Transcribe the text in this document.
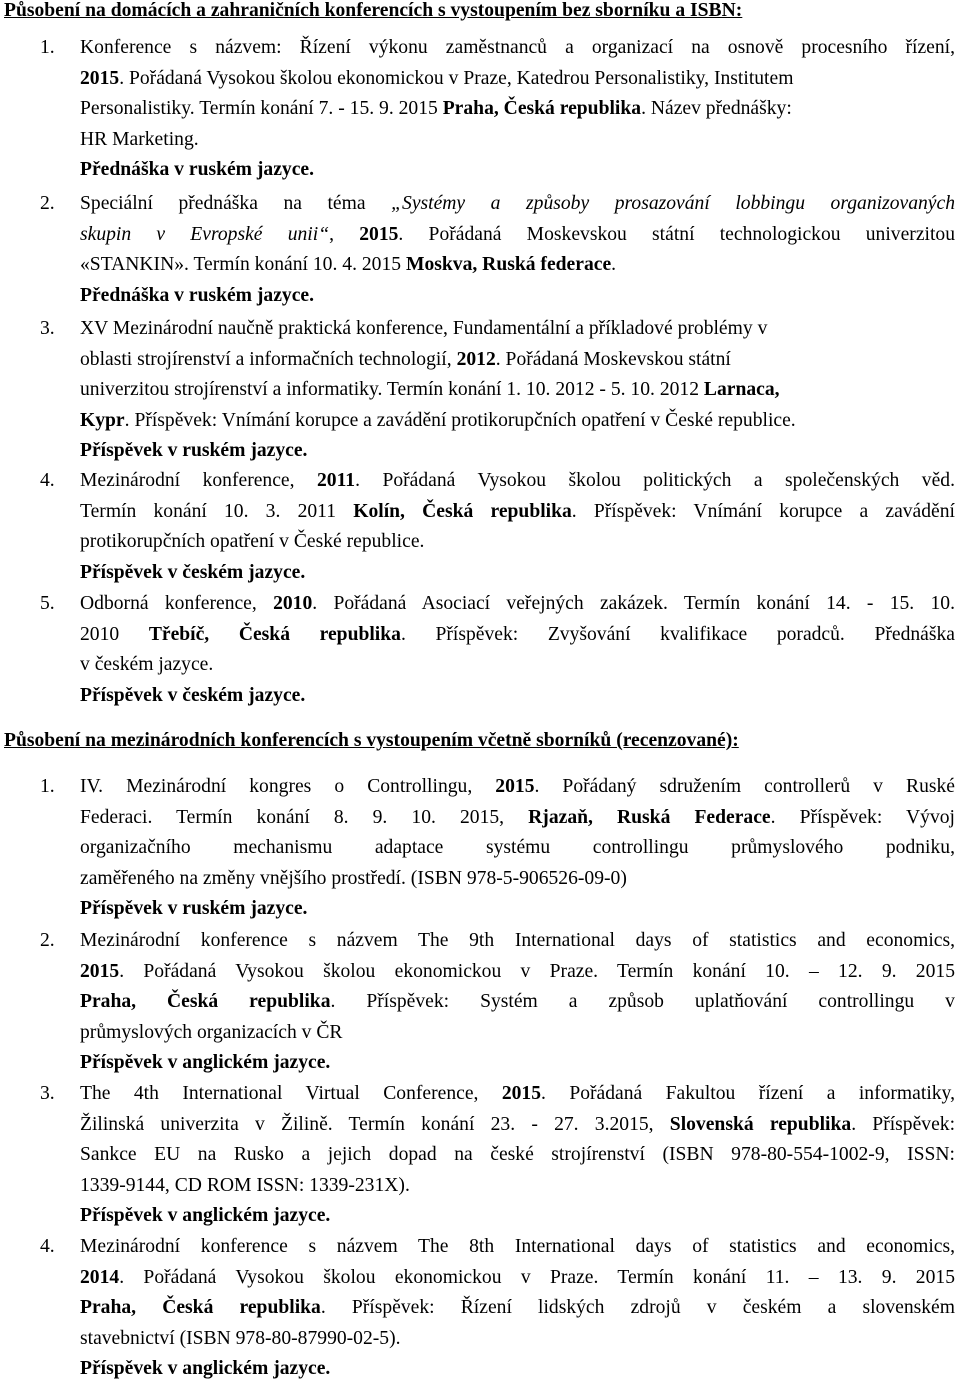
Působení na domácích a zahraničních konferencích s vystoupením bez sborníku a ISBN:
1. Konference s názvem: Řízení výkonu zaměstnanců a organizací na osnově procesního řízení,
2015. Pořádaná Vysokou školou ekonomickou v Praze, Katedrou Personalistiky, Institutem
Personalistiky. Termín konání 7. - 15. 9. 2015 Praha, Česká republika. Název přednášky:
HR Marketing.
Přednáška v ruském jazyce.
2. Speciální přednáška na téma „Systémy a způsoby prosazování lobbingu organizovaných
skupin v Evropské unii“, 2015. Pořádaná Moskevskou státní technologickou univerzitou
«STANKIN». Termín konání 10. 4. 2015 Moskva, Ruská federace.
Přednáška v ruském jazyce.
3. XV Mezinárodní naučně praktická konference, Fundamentální a příkladové problémy v
oblasti strojírenství a informačních technologií, 2012. Pořádaná Moskevskou státní
univerzitou strojírenství a informatiky. Termín konání 1. 10. 2012 - 5. 10. 2012 Larnaca,
Kypr. Příspěvek: Vnímání korupce a zavádění protikorupčních opatření v České republice.
Příspěvek v ruském jazyce.
4. Mezinárodní konference, 2011. Pořádaná Vysokou školou politických a společenských věd.
Termín konání 10. 3. 2011 Kolín, Česká republika. Příspěvek: Vnímání korupce a zavádění
protikorupčních opatření v České republice.
Příspěvek v českém jazyce.
5. Odborná konference, 2010. Pořádaná Asociací veřejných zakázek. Termín konání 14. - 15. 10.
2010 Třebíč, Česká republika. Příspěvek: Zvyšování kvalifikace poradců. Přednáška
v českém jazyce.
Příspěvek v českém jazyce.
Působení na mezinárodních konferencích s vystoupením včetně sborníků (recenzované):
1. IV. Mezinárodní kongres o Controllingu, 2015. Pořádaný sdružením controllerů v Ruské
Federaci. Termín konání 8. 9. 10. 2015, Rjazaň, Ruská Federace. Příspěvek: Vývoj
organizačního mechanismu adaptace systému controllingu průmyslového podniku,
zaměřeného na změny vnějšího prostředí. (ISBN 978-5-906526-09-0)
Příspěvek v ruském jazyce.
2. Mezinárodní konference s názvem The 9th International days of statistics and economics,
2015. Pořádaná Vysokou školou ekonomickou v Praze. Termín konání 10. – 12. 9. 2015
Praha, Česká republika. Příspěvek: Systém a způsob uplatňování controllingu v
průmyslových organizacích v ČR
Příspěvek v anglickém jazyce.
3. The 4th International Virtual Conference, 2015. Pořádaná Fakultou řízení a informatiky,
Žilinská univerzita v Žilině. Termín konání 23. - 27. 3.2015, Slovenská republika. Příspěvek:
Sankce EU na Rusko a jejich dopad na české strojírenství (ISBN 978-80-554-1002-9, ISSN:
1339-9144, CD ROM ISSN: 1339-231X).
Příspěvek v anglickém jazyce.
4. Mezinárodní konference s názvem The 8th International days of statistics and economics,
2014. Pořádaná Vysokou školou ekonomickou v Praze. Termín konání 11. – 13. 9. 2015
Praha, Česká republika. Příspěvek: Řízení lidských zdrojů v českém a slovenském
stavebnictví (ISBN 978-80-87990-02-5).
Příspěvek v anglickém jazyce.
